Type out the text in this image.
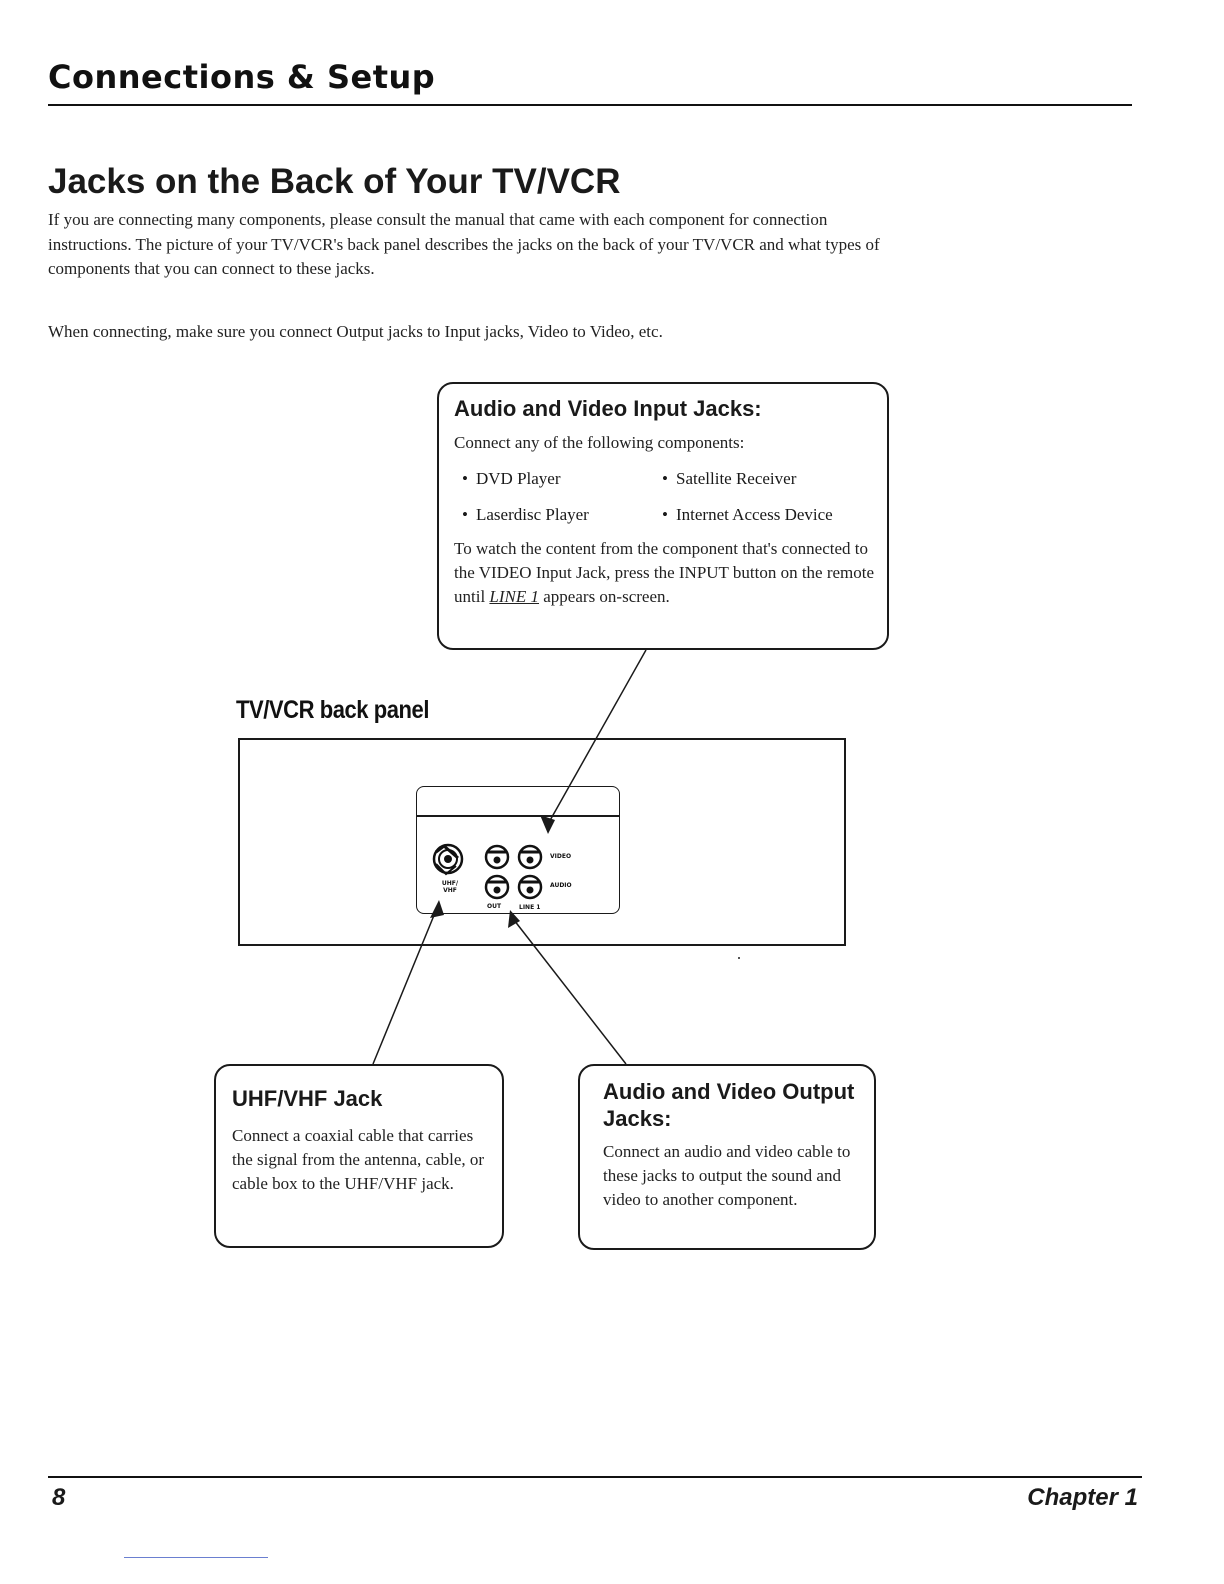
Connections & Setup
Jacks on the Back of Your TV/VCR

If you are connecting many components, please consult the manual that came with each component for connection instructions. The picture of your TV/VCR's back panel describes the jacks on the back of your TV/VCR and what types of components that you can connect to these jacks.

When connecting, make sure you connect Output jacks to Input jacks, Video to Video, etc.

Audio and Video Input Jacks:
Connect any of the following components:
• DVD Player	• Satellite Receiver
• Laserdisc Player	• Internet Access Device
To watch the content from the component that's connected to the VIDEO Input Jack, press the INPUT button on the remote until LINE 1 appears on-screen.
TV/VCR back panel
UHF/ VHF
OUT	LINE 1
VIDEO
AUDIO
UHF/VHF Jack
Connect a coaxial cable that carries the signal from the antenna, cable, or cable box to the UHF/VHF jack.
Audio and Video Output Jacks:
Connect an audio and video cable to these jacks to output the sound and video to another component.
8	Chapter 1
